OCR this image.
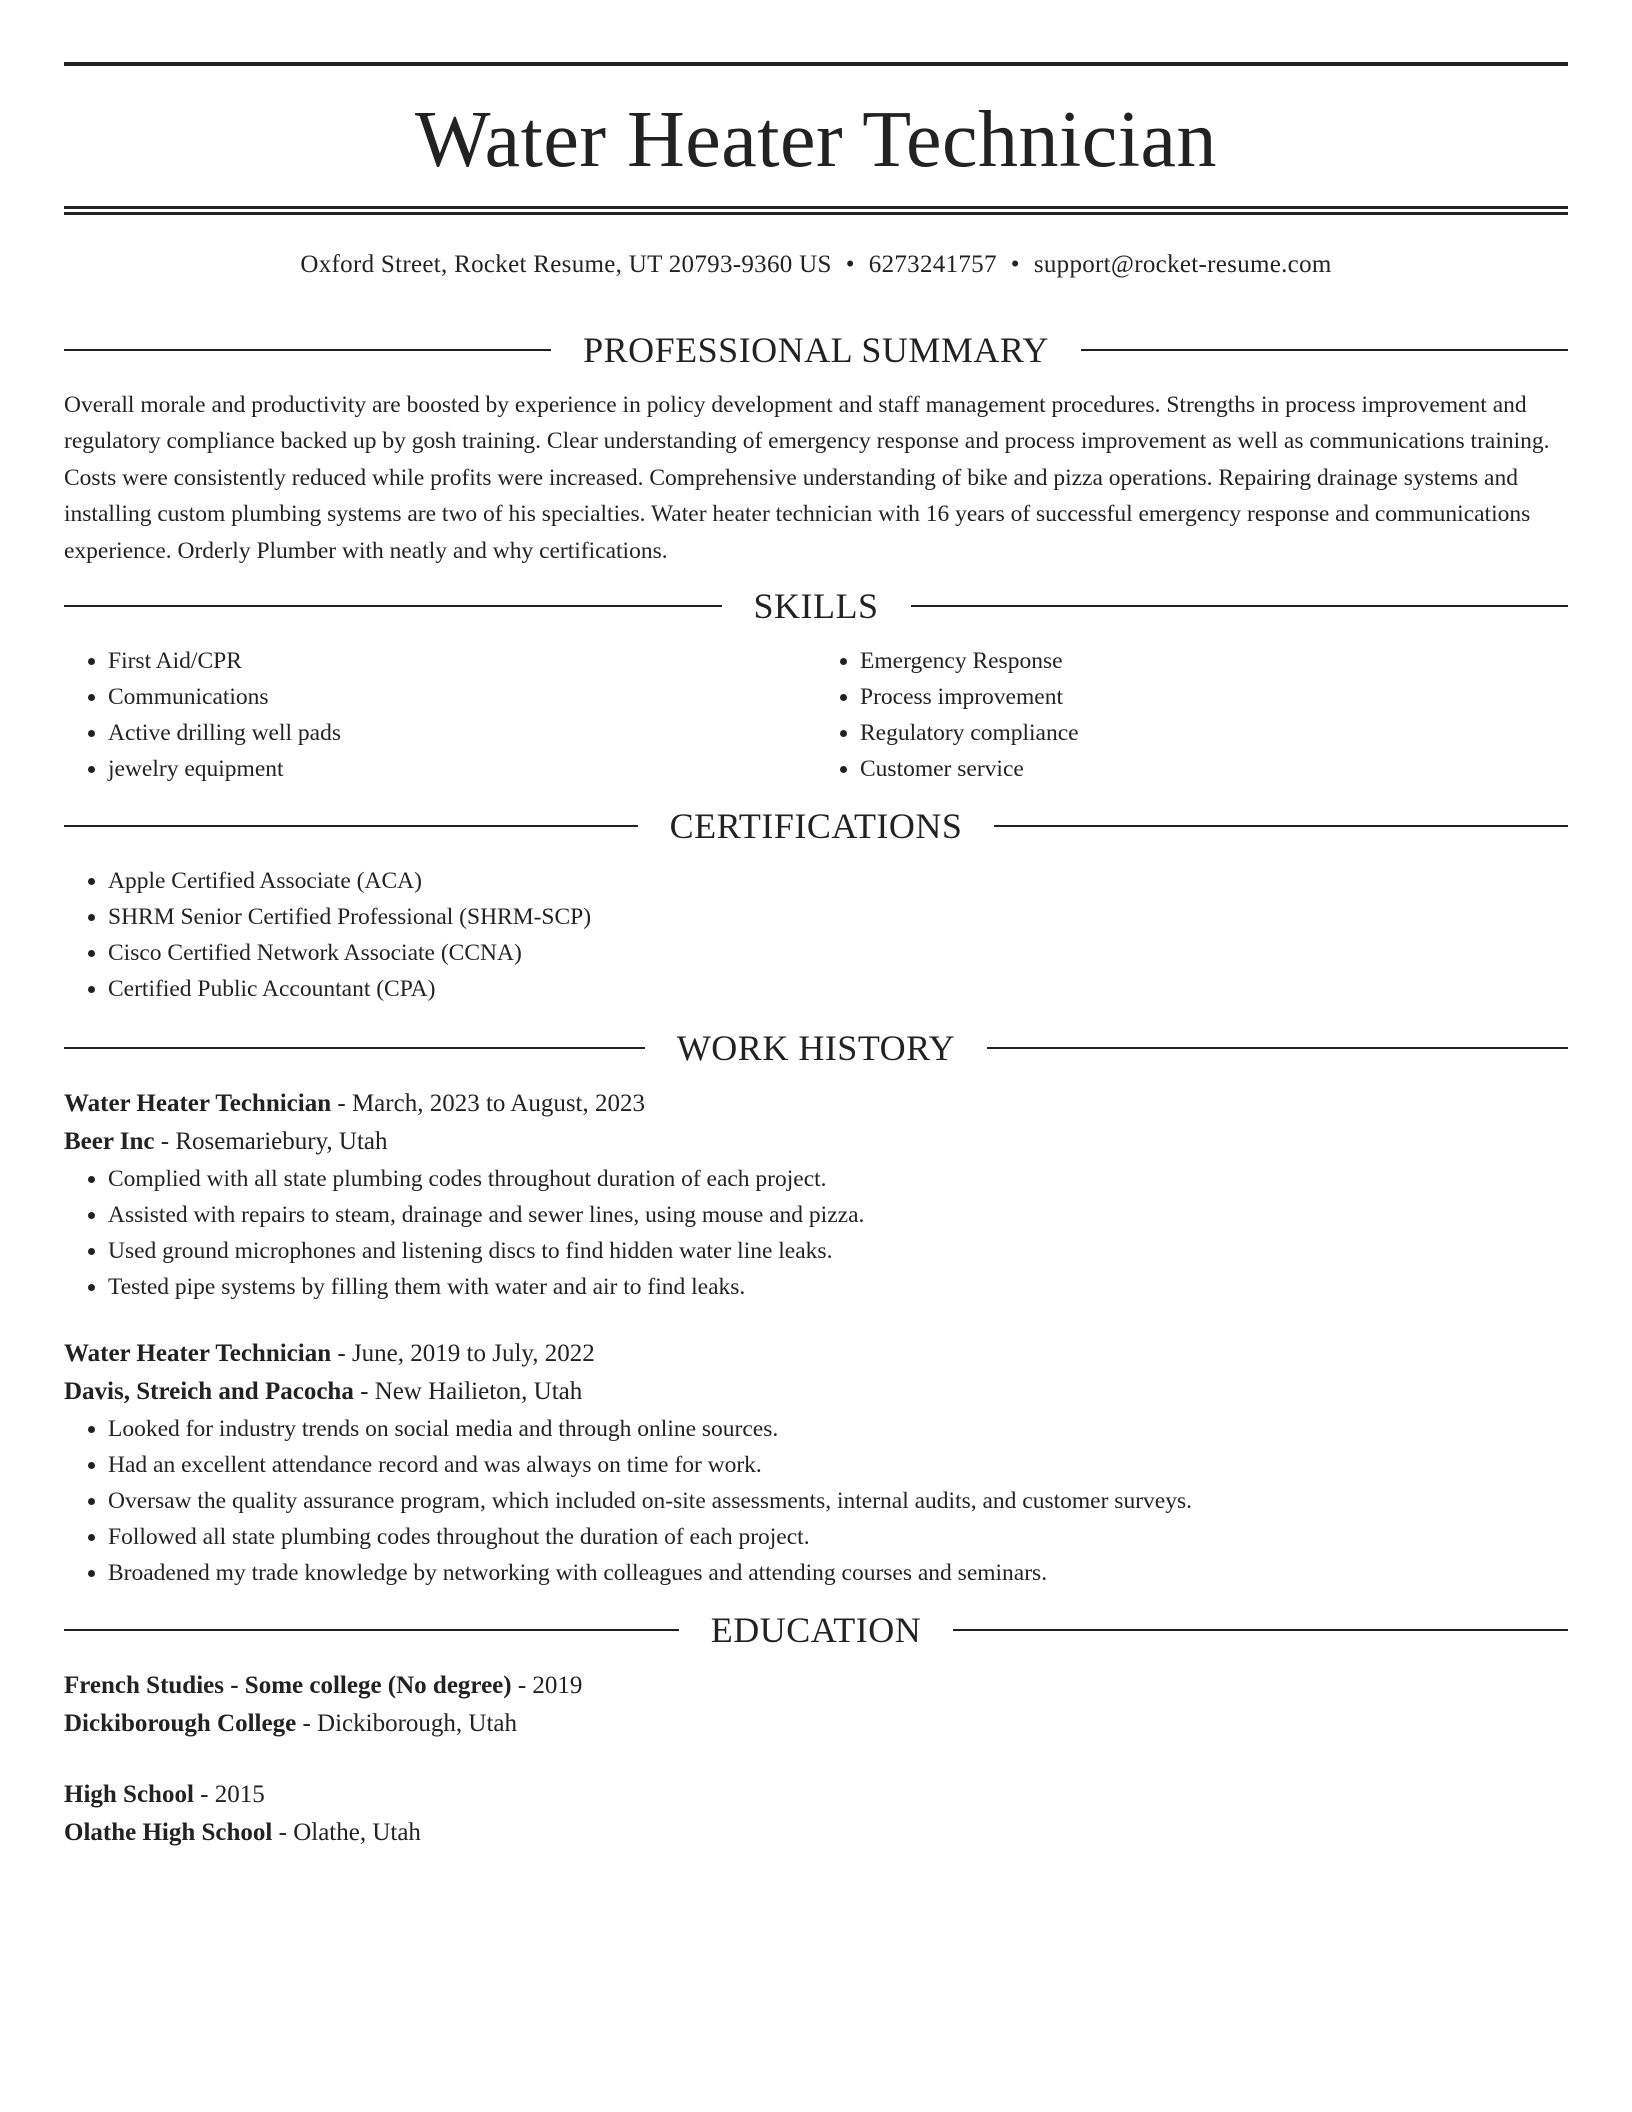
Water Heater Technician
Oxford Street, Rocket Resume, UT 20793-9360 US • 6273241757 • support@rocket-resume.com
PROFESSIONAL SUMMARY

Overall morale and productivity are boosted by experience in policy development and staff management procedures. Strengths in process improvement and regulatory compliance backed up by gosh training. Clear understanding of emergency response and process improvement as well as communications training. Costs were consistently reduced while profits were increased. Comprehensive understanding of bike and pizza operations. Repairing drainage systems and installing custom plumbing systems are two of his specialties. Water heater technician with 16 years of successful emergency response and communications experience. Orderly Plumber with neatly and why certifications.

SKILLS
• First Aid/CPR
• Communications
• Active drilling well pads
• jewelry equipment
• Emergency Response
• Process improvement
• Regulatory compliance
• Customer service
CERTIFICATIONS
• Apple Certified Associate (ACA)
• SHRM Senior Certified Professional (SHRM-SCP)
• Cisco Certified Network Associate (CCNA)
• Certified Public Accountant (CPA)
WORK HISTORY
Water Heater Technician - March, 2023 to August, 2023
Beer Inc - Rosemariebury, Utah
• Complied with all state plumbing codes throughout duration of each project.
• Assisted with repairs to steam, drainage and sewer lines, using mouse and pizza.
• Used ground microphones and listening discs to find hidden water line leaks.
• Tested pipe systems by filling them with water and air to find leaks.
Water Heater Technician - June, 2019 to July, 2022
Davis, Streich and Pacocha - New Hailieton, Utah
• Looked for industry trends on social media and through online sources.
• Had an excellent attendance record and was always on time for work.
• Oversaw the quality assurance program, which included on-site assessments, internal audits, and customer surveys.
• Followed all state plumbing codes throughout the duration of each project.
• Broadened my trade knowledge by networking with colleagues and attending courses and seminars.
EDUCATION
French Studies - Some college (No degree) - 2019
Dickiborough College - Dickiborough, Utah
High School - 2015
Olathe High School - Olathe, Utah
